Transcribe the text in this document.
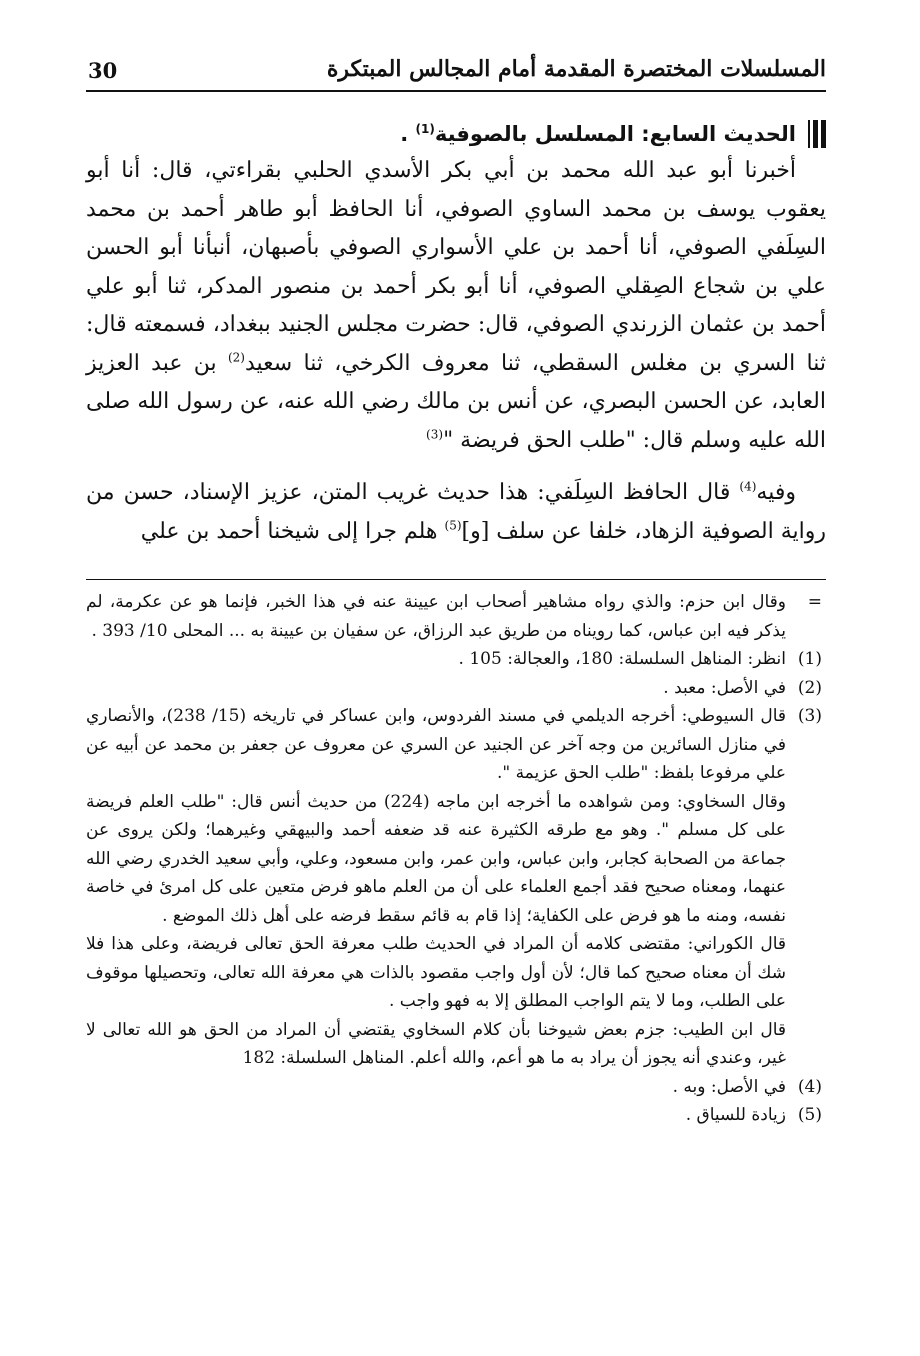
المسلسلات المختصرة المقدمة أمام المجالس المبتكرة
30
الحديث السابع: المسلسل بالصوفية$^{(1)}$ .

أخبرنا أبو عبد الله محمد بن أبي بكر الأسدي الحلبي بقراءتي، قال: أنا أبو يعقوب يوسف بن محمد الساوي الصوفي، أنا الحافظ أبو طاهر أحمد بن محمد السِلَفي الصوفي، أنا أحمد بن علي الأسواري الصوفي بأصبهان، أنبأنا أبو الحسن علي بن شجاع الصِقلي الصوفي، أنا أبو بكر أحمد بن منصور المدكر، ثنا أبو علي أحمد بن عثمان الزرندي الصوفي، قال: حضرت مجلس الجنيد ببغداد، فسمعته قال: ثنا السري بن مغلس السقطي، ثنا معروف الكرخي، ثنا سعيد$^{(2)}$ بن عبد العزيز العابد، عن الحسن البصري، عن أنس بن مالك رضي الله عنه، عن رسول الله صلى الله عليه وسلم قال: "طلب الحق فريضة "$^{(3)}$

وفيه$^{(4)}$ قال الحافظ السِلَفي: هذا حديث غريب المتن، عزيز الإسناد، حسن من رواية الصوفية الزهاد، خلفا عن سلف [و]$^{(5)}$ هلم جرا إلى شيخنا أحمد بن علي

=

وقال ابن حزم: والذي رواه مشاهير أصحاب ابن عيينة عنه في هذا الخبر، فإنما هو عن عكرمة، لم يذكر فيه ابن عباس، كما رويناه من طريق عبد الرزاق، عن سفيان بن عيينة به ... المحلى 10/ 393 .

(1)

انظر: المناهل السلسلة: 180، والعجالة: 105 .

(2)

في الأصل: معبد .

(3)

قال السيوطي: أخرجه الديلمي في مسند الفردوس، وابن عساكر في تاريخه (15/ 238)، والأنصاري في منازل السائرين من وجه آخر عن الجنيد عن السري عن معروف عن جعفر بن محمد عن أبيه عن علي مرفوعا بلفظ: "طلب الحق عزيمة ".

وقال السخاوي: ومن شواهده ما أخرجه ابن ماجه (224) من حديث أنس قال: "طلب العلم فريضة على كل مسلم ". وهو مع طرقه الكثيرة عنه قد ضعفه أحمد والبيهقي وغيرهما؛ ولكن يروى عن جماعة من الصحابة كجابر، وابن عباس، وابن عمر، وابن مسعود، وعلي، وأبي سعيد الخدري رضي الله عنهما، ومعناه صحيح فقد أجمع العلماء على أن من العلم ماهو فرض متعين على كل امرئ في خاصة نفسه، ومنه ما هو فرض على الكفاية؛ إذا قام به قائم سقط فرضه على أهل ذلك الموضع .

قال الكوراني: مقتضى كلامه أن المراد في الحديث طلب معرفة الحق تعالى فريضة، وعلى هذا فلا شك أن معناه صحيح كما قال؛ لأن أول واجب مقصود بالذات هي معرفة الله تعالى، وتحصيلها موقوف على الطلب، وما لا يتم الواجب المطلق إلا به فهو واجب .

قال ابن الطيب: جزم بعض شيوخنا بأن كلام السخاوي يقتضي أن المراد من الحق هو الله تعالى لا غير، وعندي أنه يجوز أن يراد به ما هو أعم، والله أعلم. المناهل السلسلة: 182

(4)

في الأصل: وبه .

(5)

زيادة للسياق .
